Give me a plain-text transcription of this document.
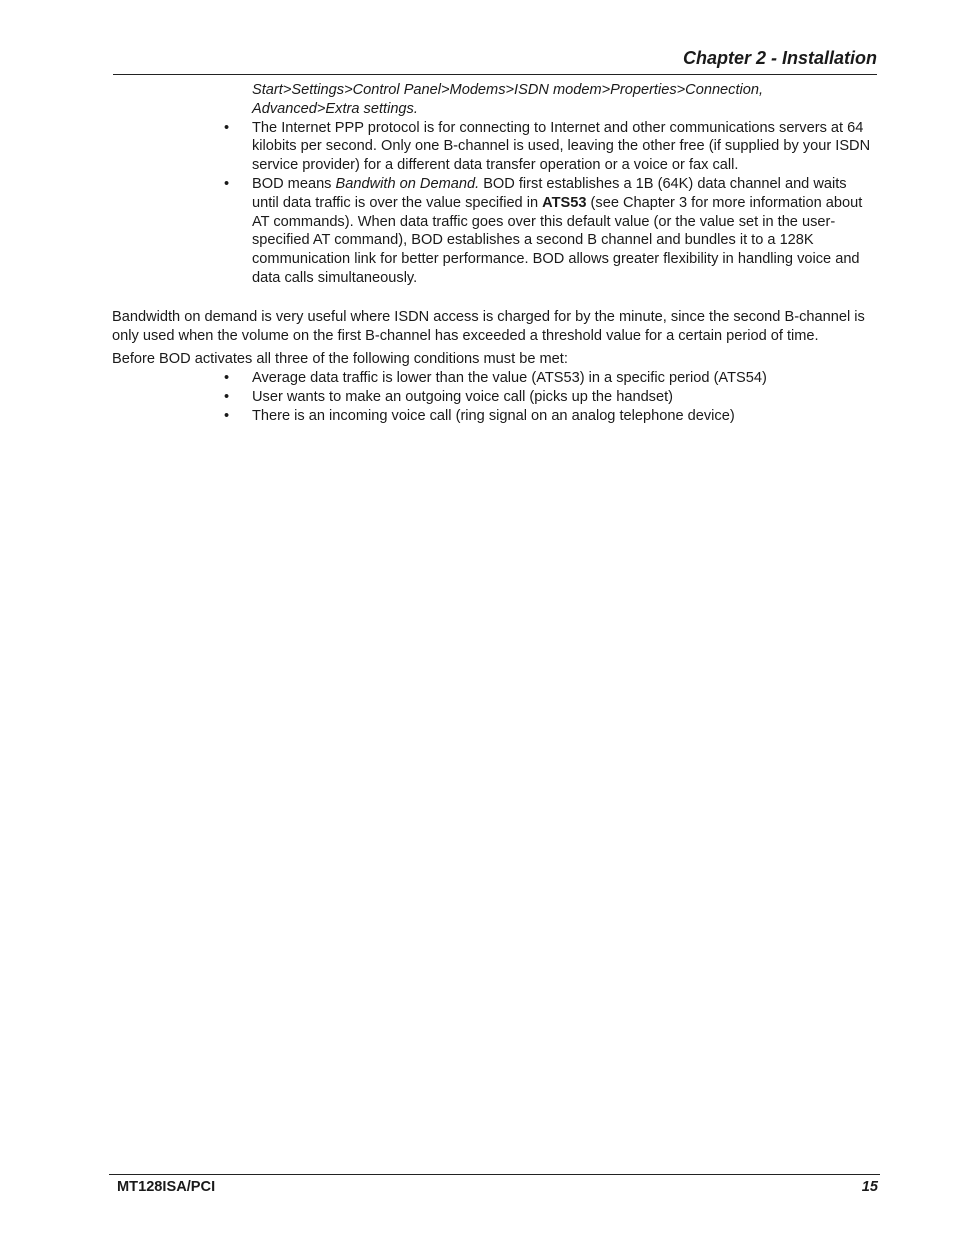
Chapter 2 - Installation
Start>Settings>Control Panel>Modems>ISDN modem>Properties>Connection,
Advanced>Extra settings.
• The Internet PPP protocol is for connecting to Internet and other communications servers at 64 kilobits per second. Only one B-channel is used, leaving the other free (if supplied by your ISDN service provider) for a different data transfer operation or a voice or fax call.
• BOD means Bandwith on Demand. BOD first establishes a 1B (64K) data channel and waits until data traffic is over the value specified in ATS53 (see Chapter 3 for more information about AT commands). When data traffic goes over this default value (or the value set in the user-specified AT command), BOD establishes a second B channel and bundles it to a 128K communication link for better performance. BOD allows greater flexibility in handling voice and data calls simultaneously.

Bandwidth on demand is very useful where ISDN access is charged for by the minute, since the second B-channel is only used when the volume on the first B-channel has exceeded a threshold value for a certain period of time.

Before BOD activates all three of the following conditions must be met:

• Average data traffic is lower than the value (ATS53) in a specific period (ATS54)
• User wants to make an outgoing voice call (picks up the handset)
• There is an incoming voice call (ring signal on an analog telephone device)
MT128ISA/PCI	15
